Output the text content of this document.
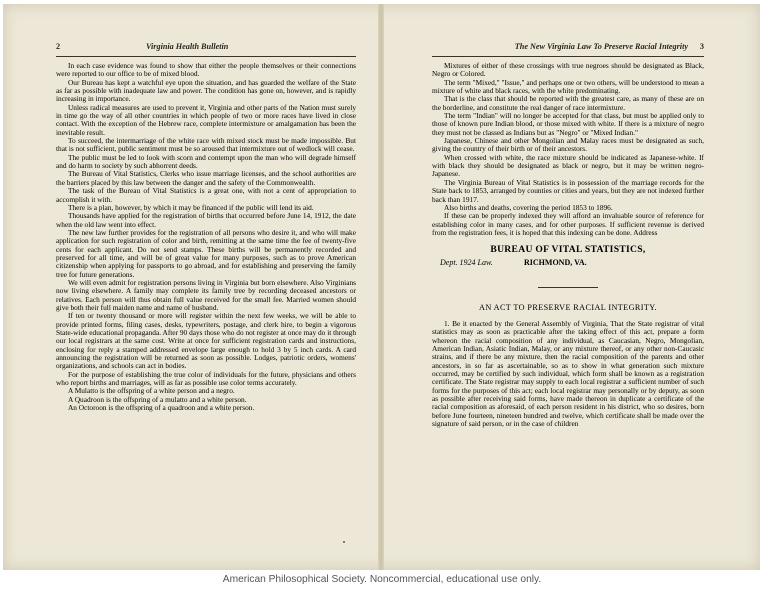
2	Virginia Health Bulletin	The New Virginia Law To Preserve Racial Integrity 3

In each case evidence was found to show that either the people themselves or their connections were reported to our office to be of mixed blood.

Our Bureau has kept a watchful eye upon the situation, and has guarded the welfare of the State as far as possible with inadequate law and power. The condition has gone on, however, and is rapidly increasing in importance.

Unless radical measures are used to prevent it, Virginia and other parts of the Nation must surely in time go the way of all other countries in which people of two or more races have lived in close contact. With the exception of the Hebrew race, complete intermixture or amalgamation has been the inevitable result.

To succeed, the intermarriage of the white race with mixed stock must be made impossible. But that is not sufficient, public sentiment must be so aroused that intermixture out of wedlock will cease.

The public must be led to look with scorn and contempt upon the man who will degrade himself and do harm to society by such abhorrent deeds.

The Bureau of Vital Statistics, Clerks who issue marriage licenses, and the school authorities are the barriers placed by this law between the danger and the safety of the Commonwealth.

The task of the Bureau of Vital Statistics is a great one, with not a cent of appropriation to accomplish it with.

There is a plan, however, by which it may be financed if the public will lend its aid.

Thousands have applied for the registration of births that occurred before June 14, 1912, the date when the old law went into effect.

The new law further provides for the registration of all persons who desire it, and who will make application for such registration of color and birth, remitting at the same time the fee of twenty-five cents for each applicant. Do not send stamps. These births will be permanently recorded and preserved for all time, and will be of great value for many purposes, such as to prove American citizenship when applying for passports to go abroad, and for establishing and preserving the family tree for future generations.

We will even admit for registration persons living in Virginia but born elsewhere. Also Virginians now living elsewhere. A family may complete its family tree by recording deceased ancestors or relatives. Each person will thus obtain full value received for the small fee. Married women should give both their full maiden name and name of husband.

If ten or twenty thousand or more will register within the next few weeks, we will be able to provide printed forms, filing cases, desks, typewriters, postage, and clerk hire, to begin a vigorous State-wide educational propaganda. After 90 days those who do not register at once may do it through our local registrars at the same cost. Write at once for sufficient registration cards and instructions, enclosing for reply a stamped addressed envelope large enough to hold 3 by 5 inch cards. A card announcing the registration will be returned as soon as possible. Lodges, patriotic orders, womens' organizations, and schools can act in bodies.

For the purpose of establishing the true color of individuals for the future, physicians and others who report births and marriages, will as far as possible use color terms accurately.

A Mulatto is the offspring of a white person and a negro.

A Quadroon is the offspring of a mulatto and a white person.

An Octoroon is the offspring of a quadroon and a white person.

Mixtures of either of these crossings with true negroes should be designated as Black, Negro or Colored.

The term "Mixed," "Issue," and perhaps one or two others, will be understood to mean a mixture of white and black races, with the white predominating.

That is the class that should be reported with the greatest care, as many of these are on the borderline, and constitute the real danger of race intermixture.

The term "Indian" will no longer be accepted for that class, but must be applied only to those of known pure Indian blood, or those mixed with white. If there is a mixture of negro they must not be classed as Indians but as "Negro" or "Mixed Indian."

Japanese, Chinese and other Mongolian and Malay races must be designated as such, giving the country of their birth or of their ancestors.

When crossed with white, the race mixture should be indicated as Japanese-white. If with black they should be designated as black or negro, but it may be written negro-Japanese.

The Virginia Bureau of Vital Statistics is in possession of the marriage records for the State back to 1853, arranged by counties or cities and years, but they are not indexed further back than 1917.

Also births and deaths, covering the period 1853 to 1896.

If these can be properly indexed they will afford an invaluable source of reference for establishing color in many cases, and for other purposes. If sufficient revenue is derived from the registration fees, it is hoped that this indexing can be done. Address

BUREAU OF VITAL STATISTICS,
Dept. 1924 Law.	RICHMOND, VA.
AN ACT TO PRESERVE RACIAL INTEGRITY.

1. Be it enacted by the General Assembly of Virginia, That the State registrar of vital statistics may as soon as practicable after the taking effect of this act, prepare a form whereon the racial composition of any individual, as Caucasian, Negro, Mongolian, American Indian, Asiatic Indian, Malay, or any mixture thereof, or any other non-Caucasic strains, and if there be any mixture, then the racial composition of the parents and other ancestors, in so far as ascertainable, so as to show in what generation such mixture occurred, may be certified by such individual, which form shall be known as a registration certificate. The State registrar may supply to each local registrar a sufficient number of such forms for the purposes of this act; each local registrar may personally or by deputy, as soon as possible after receiving said forms, have made thereon in duplicate a certificate of the racial composition as aforesaid, of each person resident in his district, who so desires, born before June fourteen, nineteen hundred and twelve, which certificate shall be made over the signature of said person, or in the case of children

American Philosophical Society. Noncommercial, educational use only.
